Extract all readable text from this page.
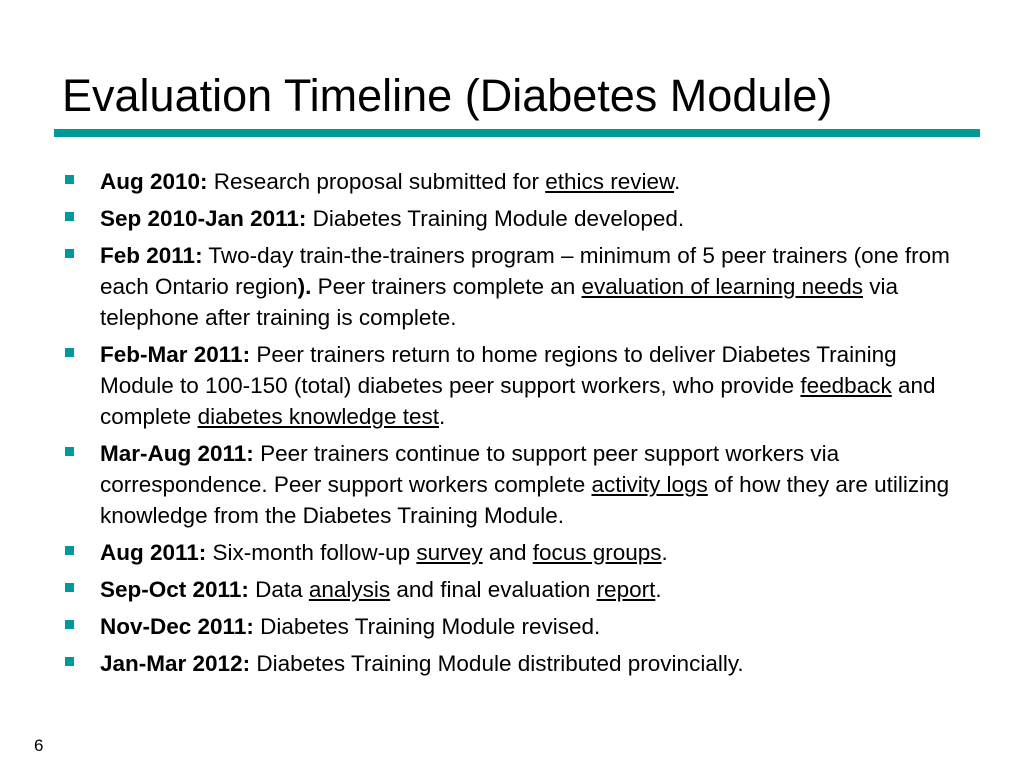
Evaluation Timeline (Diabetes Module)
Aug 2010: Research proposal submitted for ethics review.
Sep 2010-Jan 2011: Diabetes Training Module developed.
Feb 2011: Two-day train-the-trainers program – minimum of 5 peer trainers (one from each Ontario region). Peer trainers complete an evaluation of learning needs via telephone after training is complete.
Feb-Mar 2011: Peer trainers return to home regions to deliver Diabetes Training Module to 100-150 (total) diabetes peer support workers, who provide feedback and complete diabetes knowledge test.
Mar-Aug 2011: Peer trainers continue to support peer support workers via correspondence. Peer support workers complete activity logs of how they are utilizing knowledge from the Diabetes Training Module.
Aug 2011: Six-month follow-up survey and focus groups.
Sep-Oct 2011: Data analysis and final evaluation report.
Nov-Dec 2011: Diabetes Training Module revised.
Jan-Mar 2012: Diabetes Training Module distributed provincially.
6
